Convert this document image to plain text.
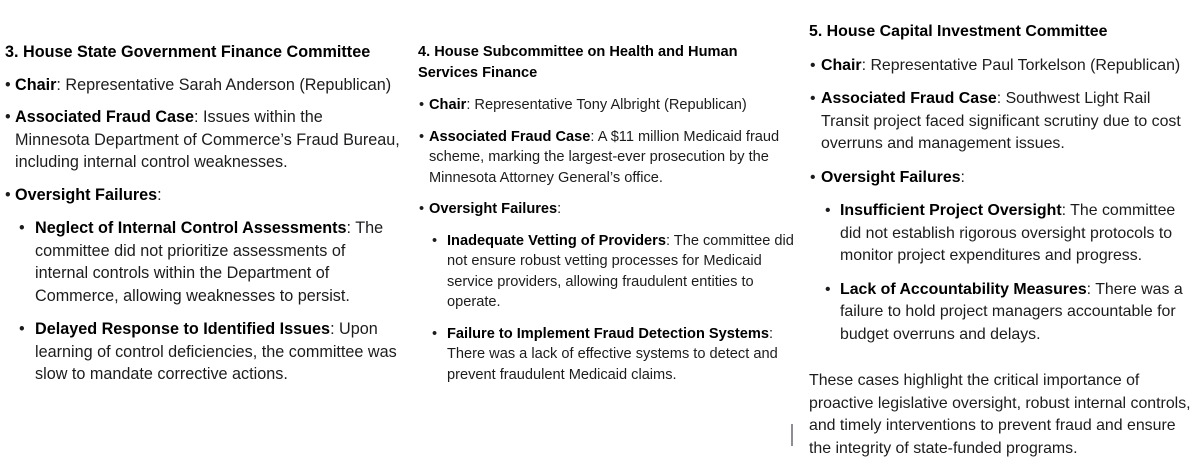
3. House State Government Finance Committee
• Chair: Representative Sarah Anderson (Republican)
• Associated Fraud Case: Issues within the Minnesota Department of Commerce’s Fraud Bureau, including internal control weaknesses.
• Oversight Failures:
• Neglect of Internal Control Assessments: The committee did not prioritize assessments of internal controls within the Department of Commerce, allowing weaknesses to persist.
• Delayed Response to Identified Issues: Upon learning of control deficiencies, the committee was slow to mandate corrective actions.
4. House Subcommittee on Health and Human Services Finance
• Chair: Representative Tony Albright (Republican)
• Associated Fraud Case: A $11 million Medicaid fraud scheme, marking the largest-ever prosecution by the Minnesota Attorney General’s office.
• Oversight Failures:
• Inadequate Vetting of Providers: The committee did not ensure robust vetting processes for Medicaid service providers, allowing fraudulent entities to operate.
• Failure to Implement Fraud Detection Systems: There was a lack of effective systems to detect and prevent fraudulent Medicaid claims.
5. House Capital Investment Committee
• Chair: Representative Paul Torkelson (Republican)
• Associated Fraud Case: Southwest Light Rail Transit project faced significant scrutiny due to cost overruns and management issues.
• Oversight Failures:
• Insufficient Project Oversight: The committee did not establish rigorous oversight protocols to monitor project expenditures and progress.
• Lack of Accountability Measures: There was a failure to hold project managers accountable for budget overruns and delays.

These cases highlight the critical importance of proactive legislative oversight, robust internal controls, and timely interventions to prevent fraud and ensure the integrity of state-funded programs.
